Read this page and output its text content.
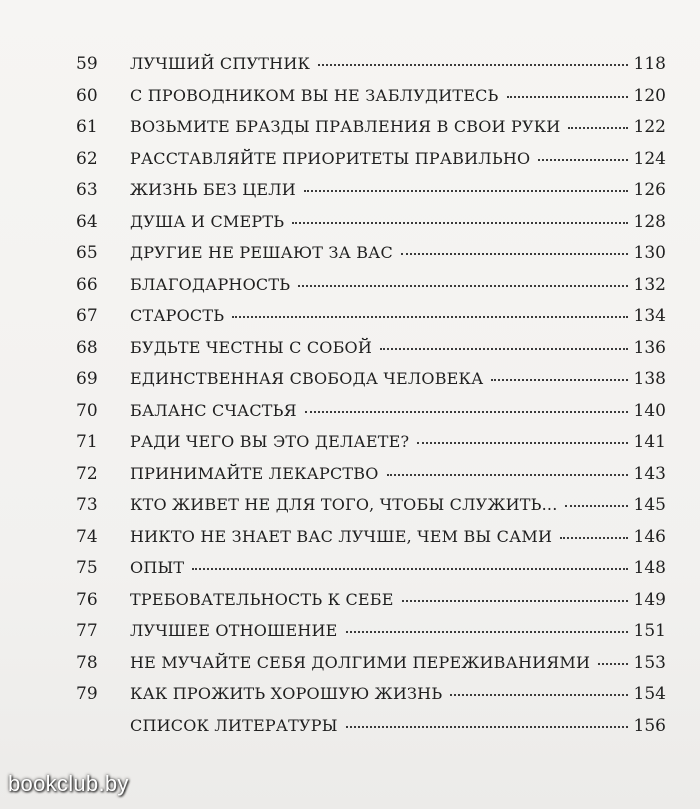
59	ЛУЧШИЙ СПУТНИК	118
60	С ПРОВОДНИКОМ ВЫ НЕ ЗАБЛУДИТЕСЬ	120
61	ВОЗЬМИТЕ БРАЗДЫ ПРАВЛЕНИЯ В СВОИ РУКИ	122
62	РАССТАВЛЯЙТЕ ПРИОРИТЕТЫ ПРАВИЛЬНО	124
63	ЖИЗНЬ БЕЗ ЦЕЛИ	126
64	ДУША И СМЕРТЬ	128
65	ДРУГИЕ НЕ РЕШАЮТ ЗА ВАС	130
66	БЛАГОДАРНОСТЬ	132
67	СТАРОСТЬ	134
68	БУДЬТЕ ЧЕСТНЫ С СОБОЙ	136
69	ЕДИНСТВЕННАЯ СВОБОДА ЧЕЛОВЕКА	138
70	БАЛАНС СЧАСТЬЯ	140
71	РАДИ ЧЕГО ВЫ ЭТО ДЕЛАЕТЕ?	141
72	ПРИНИМАЙТЕ ЛЕКАРСТВО	143
73	КТО ЖИВЕТ НЕ ДЛЯ ТОГО, ЧТОБЫ СЛУЖИТЬ...	145
74	НИКТО НЕ ЗНАЕТ ВАС ЛУЧШЕ, ЧЕМ ВЫ САМИ	146
75	ОПЫТ	148
76	ТРЕБОВАТЕЛЬНОСТЬ К СЕБЕ	149
77	ЛУЧШЕЕ ОТНОШЕНИЕ	151
78	НЕ МУЧАЙТЕ СЕБЯ ДОЛГИМИ ПЕРЕЖИВАНИЯМИ	153
79	КАК ПРОЖИТЬ ХОРОШУЮ ЖИЗНЬ	154
СПИСОК ЛИТЕРАТУРЫ	156
bookclub.by
